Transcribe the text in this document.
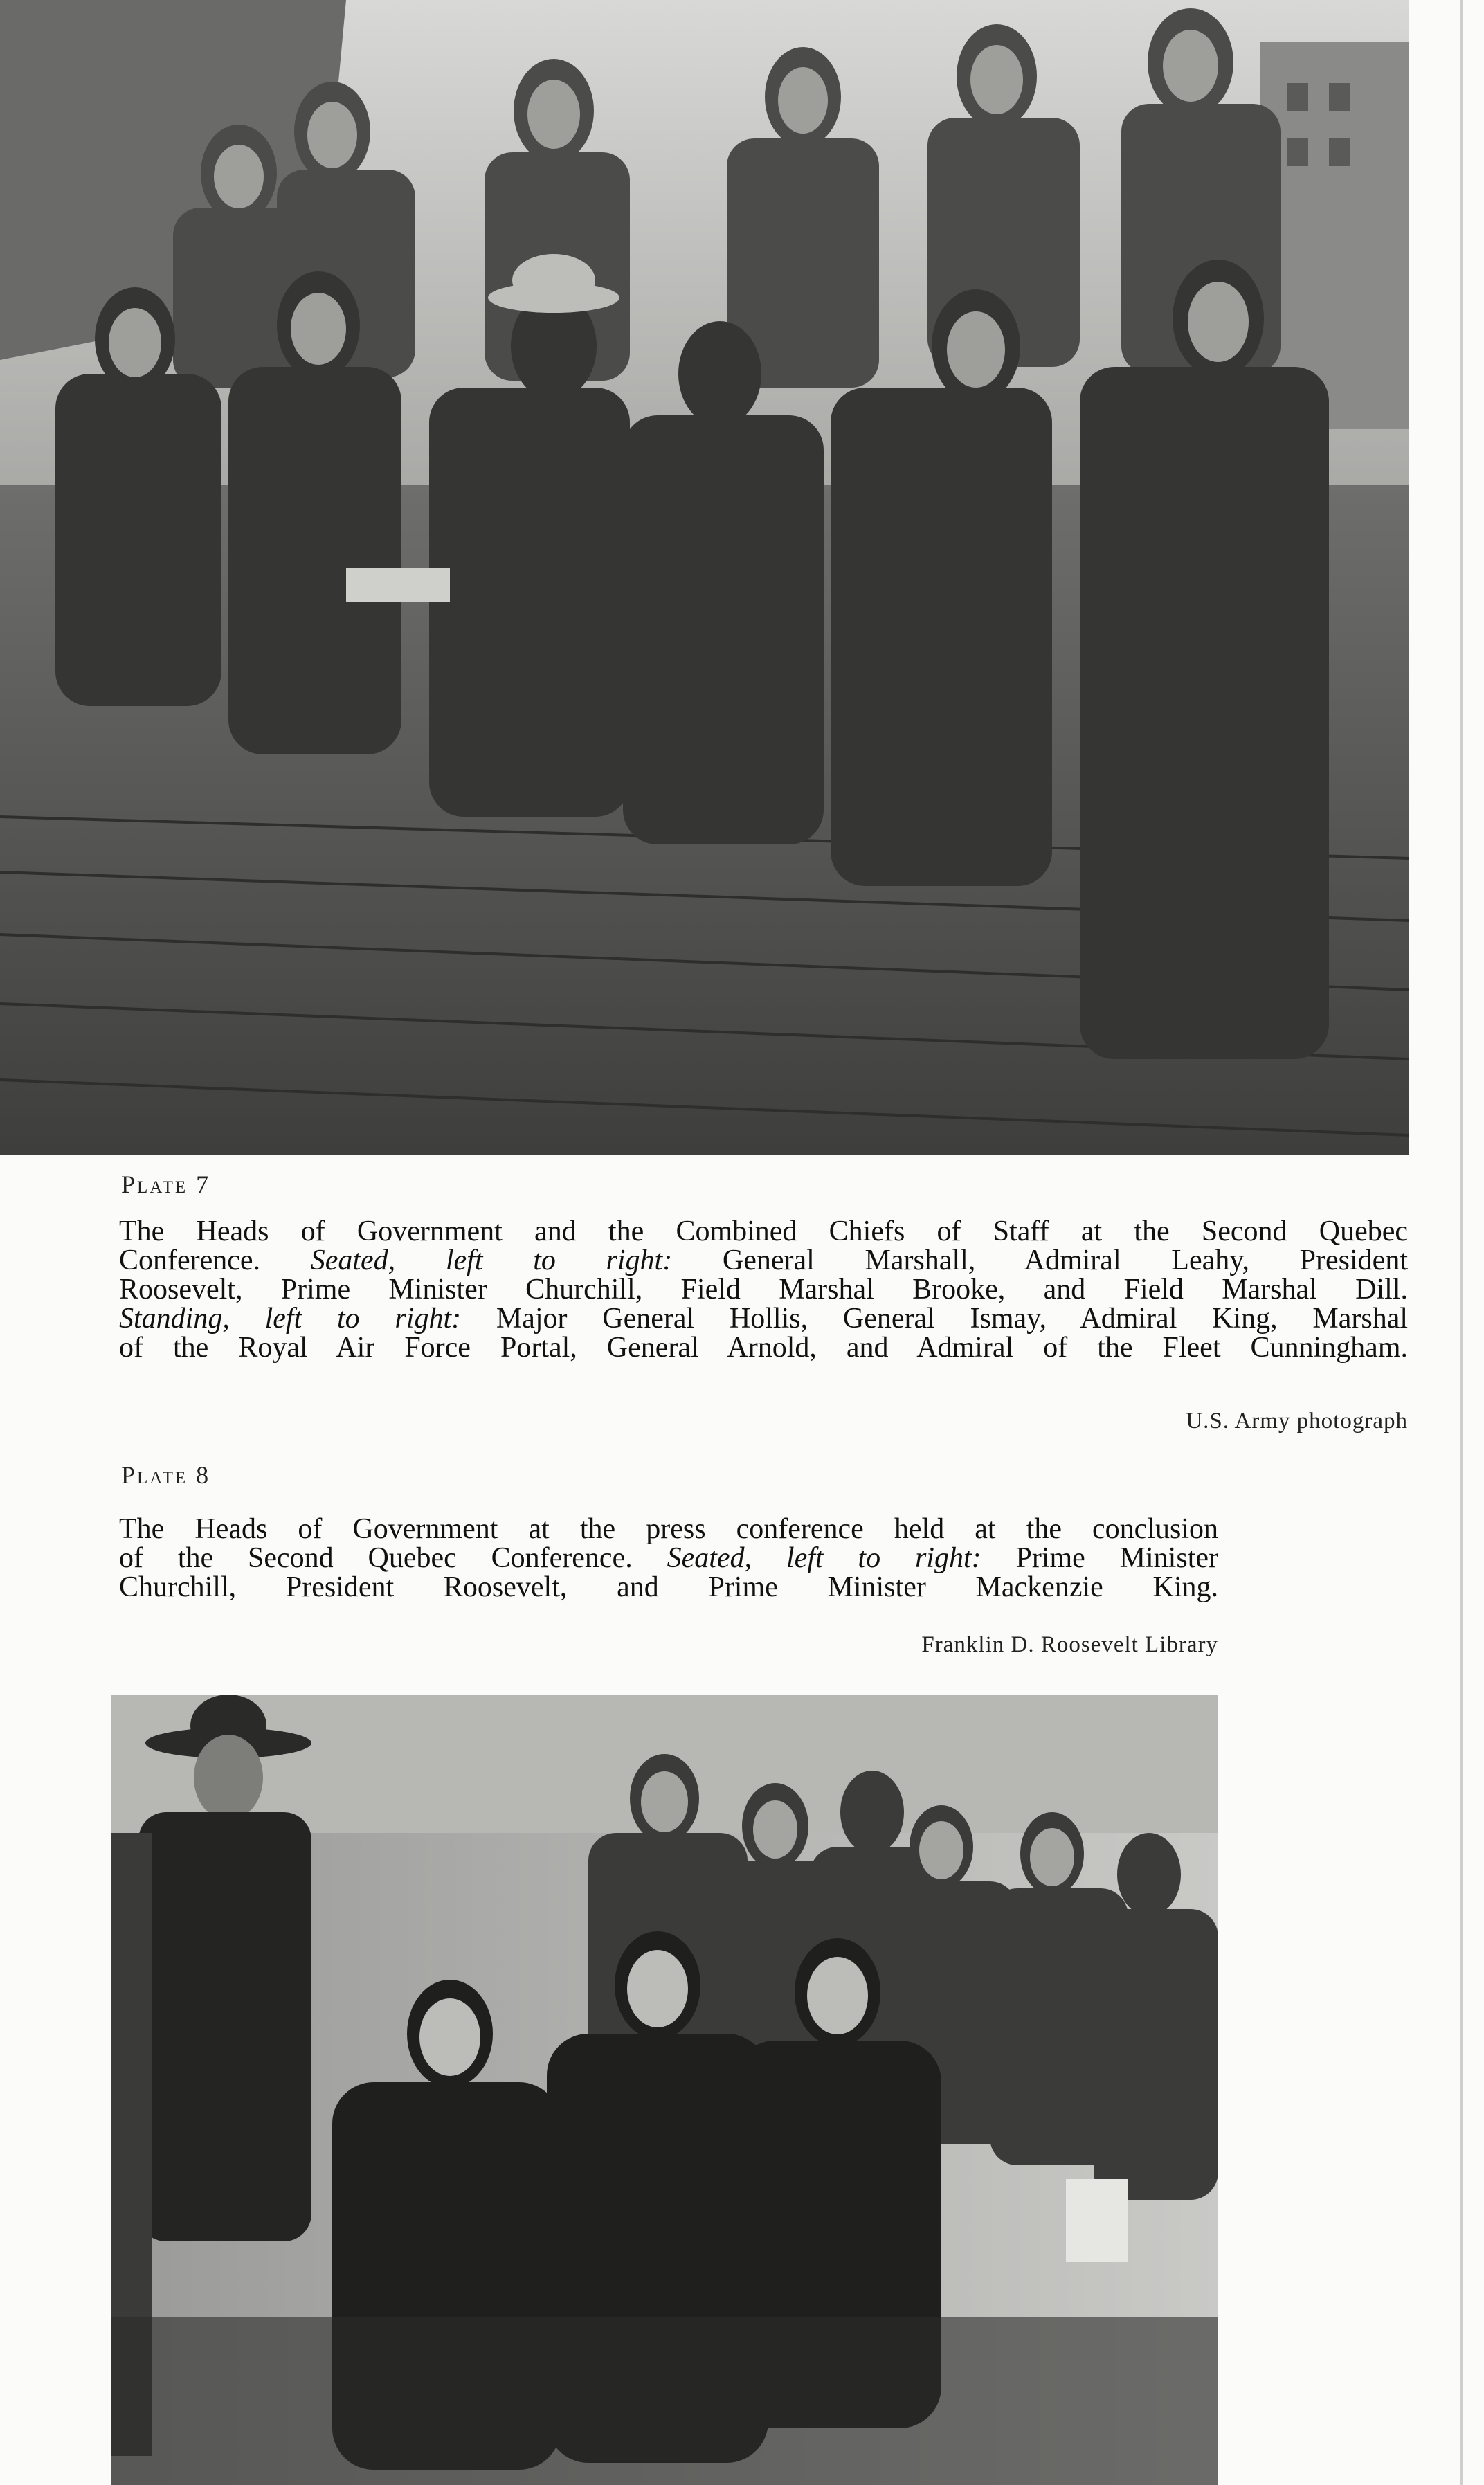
Plate 7
The Heads of Government and the Combined Chiefs of Staff at the Second Quebec
Conference. Seated, left to right: General Marshall, Admiral Leahy, President
Roosevelt, Prime Minister Churchill, Field Marshal Brooke, and Field Marshal Dill.
Standing, left to right: Major General Hollis, General Ismay, Admiral King, Marshal
of the Royal Air Force Portal, General Arnold, and Admiral of the Fleet Cunningham.
U.S. Army photograph
Plate 8
The Heads of Government at the press conference held at the conclusion
of the Second Quebec Conference. Seated, left to right: Prime Minister
Churchill, President Roosevelt, and Prime Minister Mackenzie King.
Franklin D. Roosevelt Library
